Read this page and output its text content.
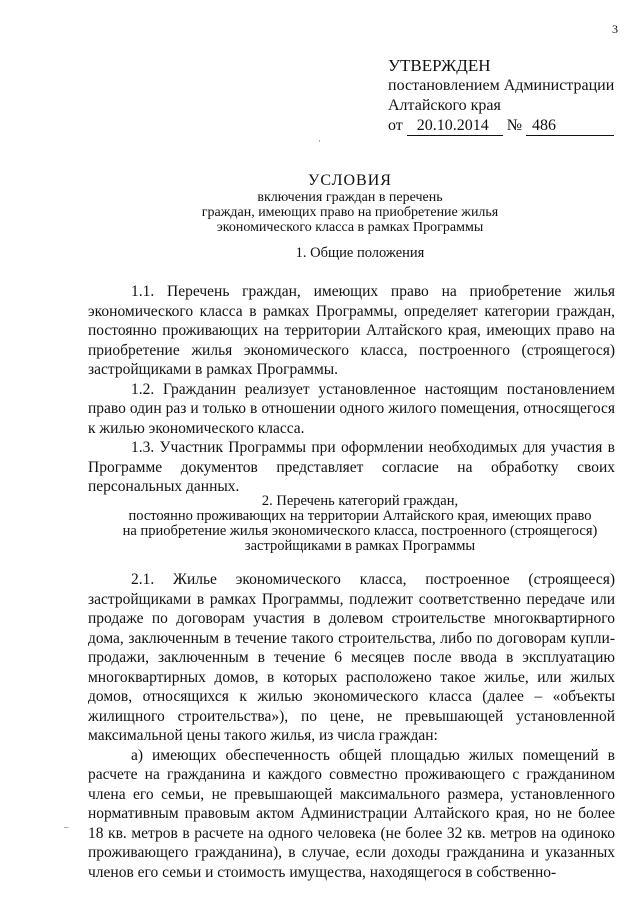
3
УТВЕРЖДЕН
постановлением Администрации
Алтайского края
от 20.10.2014 № 486
УСЛОВИЯ
включения граждан в перечень
граждан, имеющих право на приобретение жилья
экономического класса в рамках Программы
1. Общие положения

1.1. Перечень граждан, имеющих право на приобретение жилья экономического класса в рамках Программы, определяет категории граждан, постоянно проживающих на территории Алтайского края, имеющих право на приобретение жилья экономического класса, построенного (строящегося) застройщиками в рамках Программы.

1.2. Гражданин реализует установленное настоящим постановлением право один раз и только в отношении одного жилого помещения, относящегося к жилью экономического класса.

1.3. Участник Программы при оформлении необходимых для участия в Программе документов представляет согласие на обработку своих персональных данных.

2. Перечень категорий граждан,
постоянно проживающих на территории Алтайского края, имеющих право
на приобретение жилья экономического класса, построенного (строящегося)
застройщиками в рамках Программы

2.1. Жилье экономического класса, построенное (строящееся) застройщиками в рамках Программы, подлежит соответственно передаче или продаже по договорам участия в долевом строительстве многоквартирного дома, заключенным в течение такого строительства, либо по договорам купли-продажи, заключенным в течение 6 месяцев после ввода в эксплуатацию многоквартирных домов, в которых расположено такое жилье, или жилых домов, относящихся к жилью экономического класса (далее – «объекты жилищного строительства»), по цене, не превышающей установленной максимальной цены такого жилья, из числа граждан:

а) имеющих обеспеченность общей площадью жилых помещений в расчете на гражданина и каждого совместно проживающего с гражданином члена его семьи, не превышающей максимального размера, установленного нормативным правовым актом Администрации Алтайского края, но не более 18 кв. метров в расчете на одного человека (не более 32 кв. метров на одиноко проживающего гражданина), в случае, если доходы гражданина и указанных членов его семьи и стоимость имущества, находящегося в собственно-

·
–
